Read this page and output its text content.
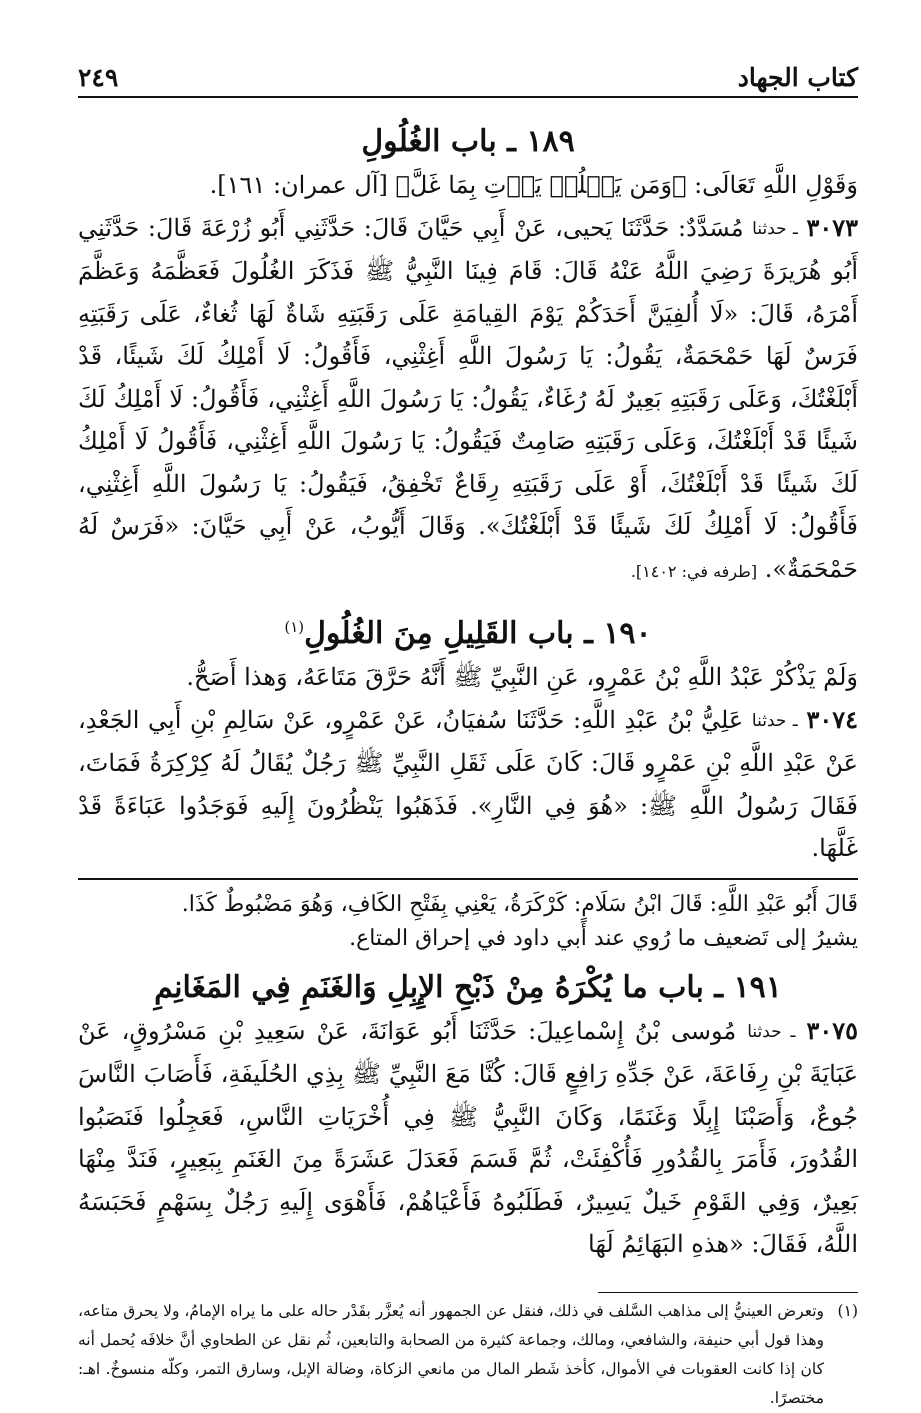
كتاب الجهاد
٢٤٩
١٨٩ ـ باب الغُلُولِ

وَقَوْلِ اللَّهِ تَعَالَى: ﴿وَمَن يَغۡلُلۡ يَأۡتِ بِمَا غَلَّ﴾ [آل عمران: ١٦١].

٣٠٧٣ ـ حدثنا مُسَدَّدٌ: حَدَّثَنَا يَحيى، عَنْ أَبِي حَيَّانَ قَالَ: حَدَّثَنِي أَبُو زُرْعَةَ قَالَ: حَدَّثَنِي أَبُو هُرَيرَةَ رَضِيَ اللَّهُ عَنْهُ قَالَ: قَامَ فِينَا النَّبِيُّ ﷺ فَذَكَرَ الغُلُولَ فَعَظَّمَهُ وَعَظَّمَ أَمْرَهُ، قَالَ: «لَا أُلفِيَنَّ أَحَدَكُمْ يَوْمَ القِيامَةِ عَلَى رَقَبَتِهِ شَاةٌ لَهَا ثُغاءٌ، عَلَى رَقَبَتِهِ فَرَسٌ لَهَا حَمْحَمَةٌ، يَقُولُ: يَا رَسُولَ اللَّهِ أَغِثْنِي، فَأَقُولُ: لَا أَمْلِكُ لَكَ شَيئًا، قَدْ أَبْلَغْتُكَ، وَعَلَى رَقَبَتِهِ بَعِيرٌ لَهُ رُغَاءٌ، يَقُولُ: يَا رَسُولَ اللَّهِ أَغِثْنِي، فَأَقُولُ: لَا أَمْلِكُ لَكَ شَيئًا قَدْ أَبْلَغْتُكَ، وَعَلَى رَقَبَتِهِ صَامِتٌ فَيَقُولُ: يَا رَسُولَ اللَّهِ أَغِثْنِي، فَأَقُولُ لَا أَمْلِكُ لَكَ شَيئًا قَدْ أَبْلَغْتُكَ، أَوْ عَلَى رَقَبَتِهِ رِقَاعٌ تَخْفِقُ، فَيَقُولُ: يَا رَسُولَ اللَّهِ أَغِثْنِي، فَأَقُولُ: لَا أَمْلِكُ لَكَ شَيئًا قَدْ أَبْلَغْتُكَ». وَقَالَ أَيُّوبُ، عَنْ أَبِي حَيَّانَ: «فَرَسٌ لَهُ حَمْحَمَةٌ». [طرفه في: ١٤٠٢].

١٩٠ ـ باب القَلِيلِ مِنَ الغُلُولِ$^{(١)}$

وَلَمْ يَذْكُرْ عَبْدُ اللَّهِ بْنُ عَمْرٍو، عَنِ النَّبِيِّ ﷺ أَنَّهُ حَرَّقَ مَتَاعَهُ، وَهذا أَصَحُّ.

٣٠٧٤ ـ حدثنا عَلِيُّ بْنُ عَبْدِ اللَّهِ: حَدَّثَنَا سُفيَانُ، عَنْ عَمْرٍو، عَنْ سَالِمِ بْنِ أَبِي الجَعْدِ، عَنْ عَبْدِ اللَّهِ بْنِ عَمْرٍو قَالَ: كَانَ عَلَى ثَقَلِ النَّبِيِّ ﷺ رَجُلٌ يُقَالُ لَهُ كِرْكِرَةُ فَمَاتَ، فَقَالَ رَسُولُ اللَّهِ ﷺ: «هُوَ فِي النَّارِ». فَذَهَبُوا يَنْظُرُونَ إِلَيهِ فَوَجَدُوا عَبَاءَةً قَدْ غَلَّهَا.

قَالَ أَبُو عَبْدِ اللَّهِ: قَالَ ابْنُ سَلَامٍ: كَرْكَرَةُ، يَعْنِي بِفَتْحِ الكَافِ، وَهُوَ مَضْبُوطٌ كَذَا.

يشيرُ إلى تَضعيف ما رُوي عند أبي داود في إحراق المتاع.

١٩١ ـ باب ما يُكْرَهُ مِنْ ذَبْحِ الإِبِلِ وَالغَنَمِ فِي المَغَانِمِ

٣٠٧٥ ـ حدثنا مُوسى بْنُ إِسْماعِيلَ: حَدَّثَنَا أَبُو عَوَانَةَ، عَنْ سَعِيدِ بْنِ مَسْرُوقٍ، عَنْ عَبَايَةَ بْنِ رِفَاعَةَ، عَنْ جَدِّهِ رَافِعٍ قَالَ: كُنَّا مَعَ النَّبِيِّ ﷺ بِذِي الحُلَيفَةِ، فَأَصَابَ النَّاسَ جُوعٌ، وَأَصَبْنَا إِبِلًا وَغَنَمًا، وَكَانَ النَّبِيُّ ﷺ فِي أُخْرَيَاتِ النَّاسِ، فَعَجِلُوا فَنَصَبُوا القُدُورَ، فَأَمَرَ بِالقُدُورِ فَأُكْفِئَتْ، ثُمَّ قَسَمَ فَعَدَلَ عَشَرَةً مِنَ الغَنَمِ بِبَعِيرٍ، فَنَدَّ مِنْهَا بَعِيرٌ، وَفِي القَوْمِ خَيلٌ يَسِيرٌ، فَطَلَبُوهُ فَأَعْيَاهُمْ، فَأَهْوَى إِلَيهِ رَجُلٌ بِسَهْمٍ فَحَبَسَهُ اللَّهُ، فَقَالَ: «هذهِ البَهَائِمُ لَهَا

(١)
وتعرض العينيُّ إلى مذاهب السَّلف في ذلك، فنقل عن الجمهور أنه يُعزَّر بقَدْر حاله على ما يراه الإمامُ، ولا يحرق متاعه، وهذا قول أبي حنيفة، والشافعي، ومالك، وجماعة كثيرة من الصحابة والتابعين، ثُم نقل عن الطحاوي أنَّ خلافَه يُحمل أنه كان إذا كانت العقوبات في الأموال، كأخذ شَطر المال من مانعي الزكاة، وضالة الإبل، وسارق التمر، وكلّه منسوخٌ. اهـ: مختصرًا.
